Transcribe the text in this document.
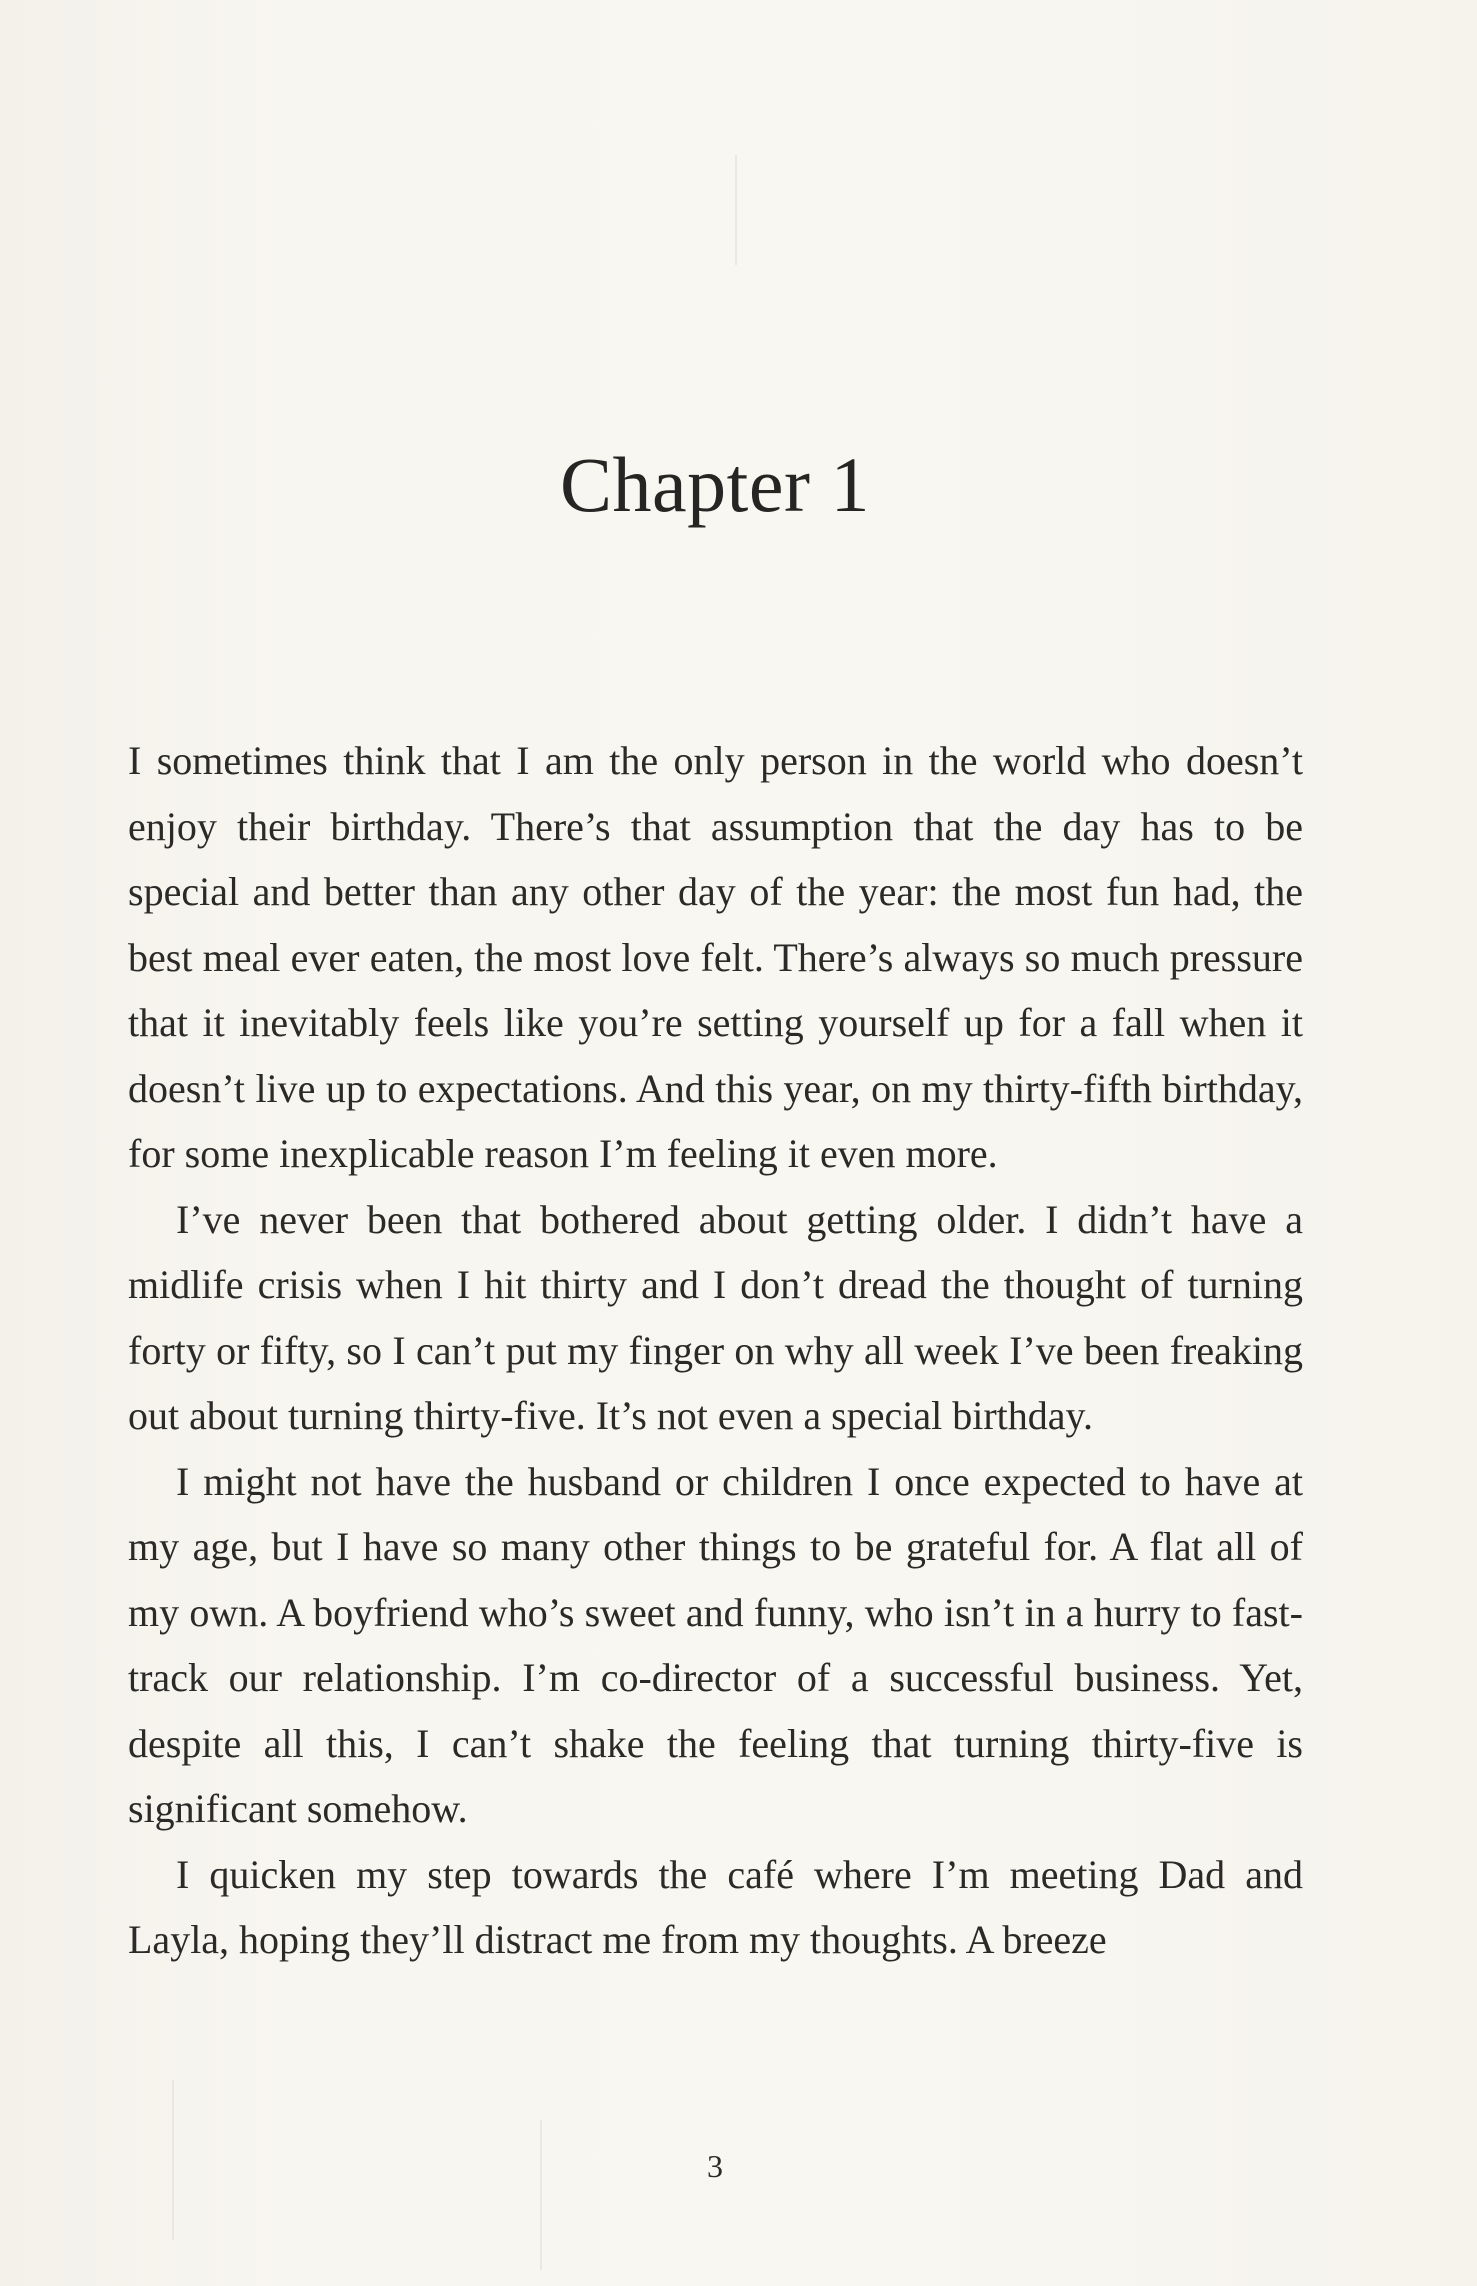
Chapter 1

I sometimes think that I am the only person in the world who doesn’t enjoy their birthday. There’s that assumption that the day has to be special and better than any other day of the year: the most fun had, the best meal ever eaten, the most love felt. There’s always so much pressure that it inevitably feels like you’re setting yourself up for a fall when it doesn’t live up to expectations. And this year, on my thirty-fifth birthday, for some inexplicable reason I’m feeling it even more.

I’ve never been that bothered about getting older. I didn’t have a midlife crisis when I hit thirty and I don’t dread the thought of turning forty or fifty, so I can’t put my finger on why all week I’ve been freaking out about turning thirty-five. It’s not even a special birthday.

I might not have the husband or children I once expected to have at my age, but I have so many other things to be grateful for. A flat all of my own. A boyfriend who’s sweet and funny, who isn’t in a hurry to fast-track our relationship. I’m co-director of a successful business. Yet, despite all this, I can’t shake the feeling that turning thirty-five is significant somehow.

I quicken my step towards the café where I’m meeting Dad and Layla, hoping they’ll distract me from my thoughts. A breeze

3
